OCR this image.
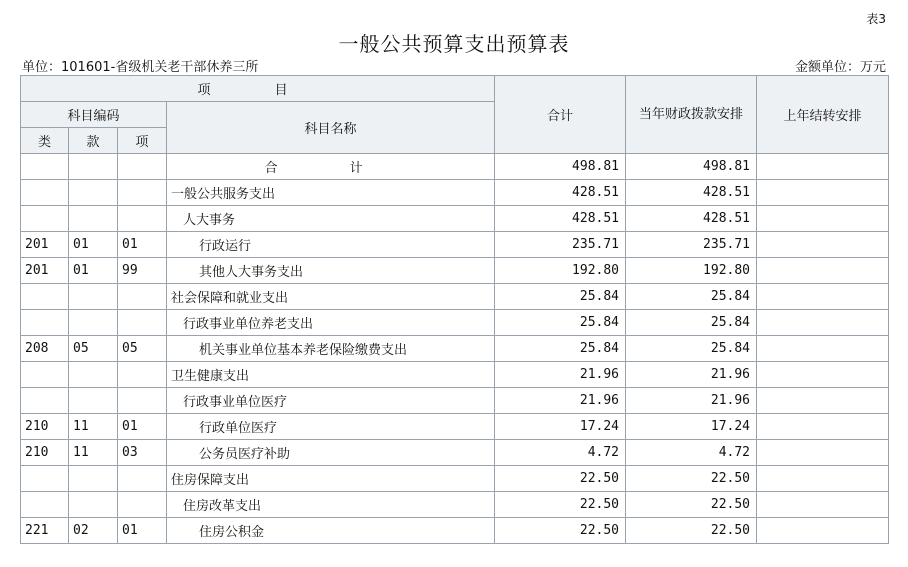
表3
一般公共预算支出预算表
单位：101601-省级机关老干部休养三所	金额单位：万元
项 目				合计	当年财政拨款安排	上年结转安排
科目编码			科目名称			
类	款	项				
			合 计	498.81	498.81	
			一般公共服务支出	428.51	428.51	
			人大事务	428.51	428.51	
201	01	01	行政运行	235.71	235.71	
201	01	99	其他人大事务支出	192.80	192.80	
			社会保障和就业支出	25.84	25.84	
			行政事业单位养老支出	25.84	25.84	
208	05	05	机关事业单位基本养老保险缴费支出	25.84	25.84	
			卫生健康支出	21.96	21.96	
			行政事业单位医疗	21.96	21.96	
210	11	01	行政单位医疗	17.24	17.24	
210	11	03	公务员医疗补助	4.72	4.72	
			住房保障支出	22.50	22.50	
			住房改革支出	22.50	22.50	
221	02	01	住房公积金	22.50	22.50	
